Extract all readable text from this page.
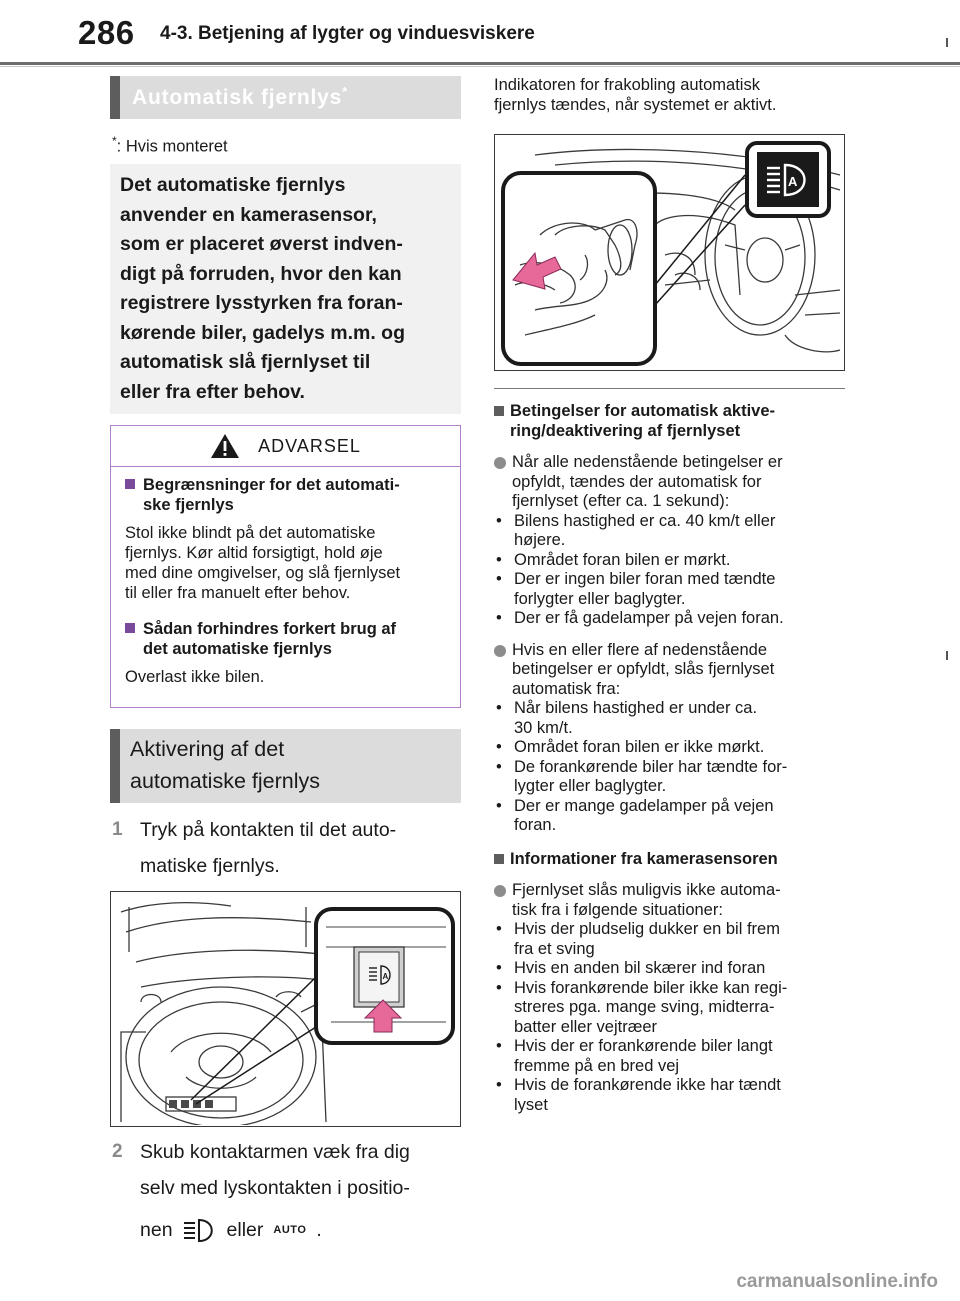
286 4-3. Betjening af lygter og vinduesviskere
Automatisk fjernlys*
*: Hvis monteret

Det automatiske fjernlys

anvender en kamerasensor,

som er placeret øverst indven-

digt på forruden, hvor den kan

registrere lysstyrken fra foran-

kørende biler, gadelys m.m. og

automatisk slå fjernlyset til

eller fra efter behov.

ADVARSEL
Begrænsninger for det automati-
ske fjernlys
Stol ikke blindt på det automatiske
fjernlys. Kør altid forsigtigt, hold øje
med dine omgivelser, og slå fjernlyset
til eller fra manuelt efter behov.
Sådan forhindres forkert brug af
det automatiske fjernlys
Overlast ikke bilen.
Aktivering af det
automatiske fjernlys
1 Tryk på kontakten til det auto-
matiske fjernlys.
A
2 Skub kontaktarmen væk fra dig
selv med lyskontakten i positio-
nen	eller AUTO .
Indikatoren for frakobling automatisk
fjernlys tændes, når systemet er aktivt.
A
Betingelser for automatisk aktive-
ring/deaktivering af fjernlyset
Når alle nedenstående betingelser er
opfyldt, tændes der automatisk for
fjernlyset (efter ca. 1 sekund):
• Bilens hastighed er ca. 40 km/t eller
højere.
• Området foran bilen er mørkt.
• Der er ingen biler foran med tændte
forlygter eller baglygter.
• Der er få gadelamper på vejen foran.
Hvis en eller flere af nedenstående
betingelser er opfyldt, slås fjernlyset
automatisk fra:
• Når bilens hastighed er under ca.
30 km/t.
• Området foran bilen er ikke mørkt.
• De forankørende biler har tændte for-
lygter eller baglygter.
• Der er mange gadelamper på vejen
foran.
Informationer fra kamerasensoren
Fjernlyset slås muligvis ikke automa-
tisk fra i følgende situationer:
• Hvis der pludselig dukker en bil frem
fra et sving
• Hvis en anden bil skærer ind foran
• Hvis forankørende biler ikke kan regi-
streres pga. mange sving, midterra-
batter eller vejtræer
• Hvis der er forankørende biler langt
fremme på en bred vej
• Hvis de forankørende ikke har tændt
lyset
carmanualsonline.info
